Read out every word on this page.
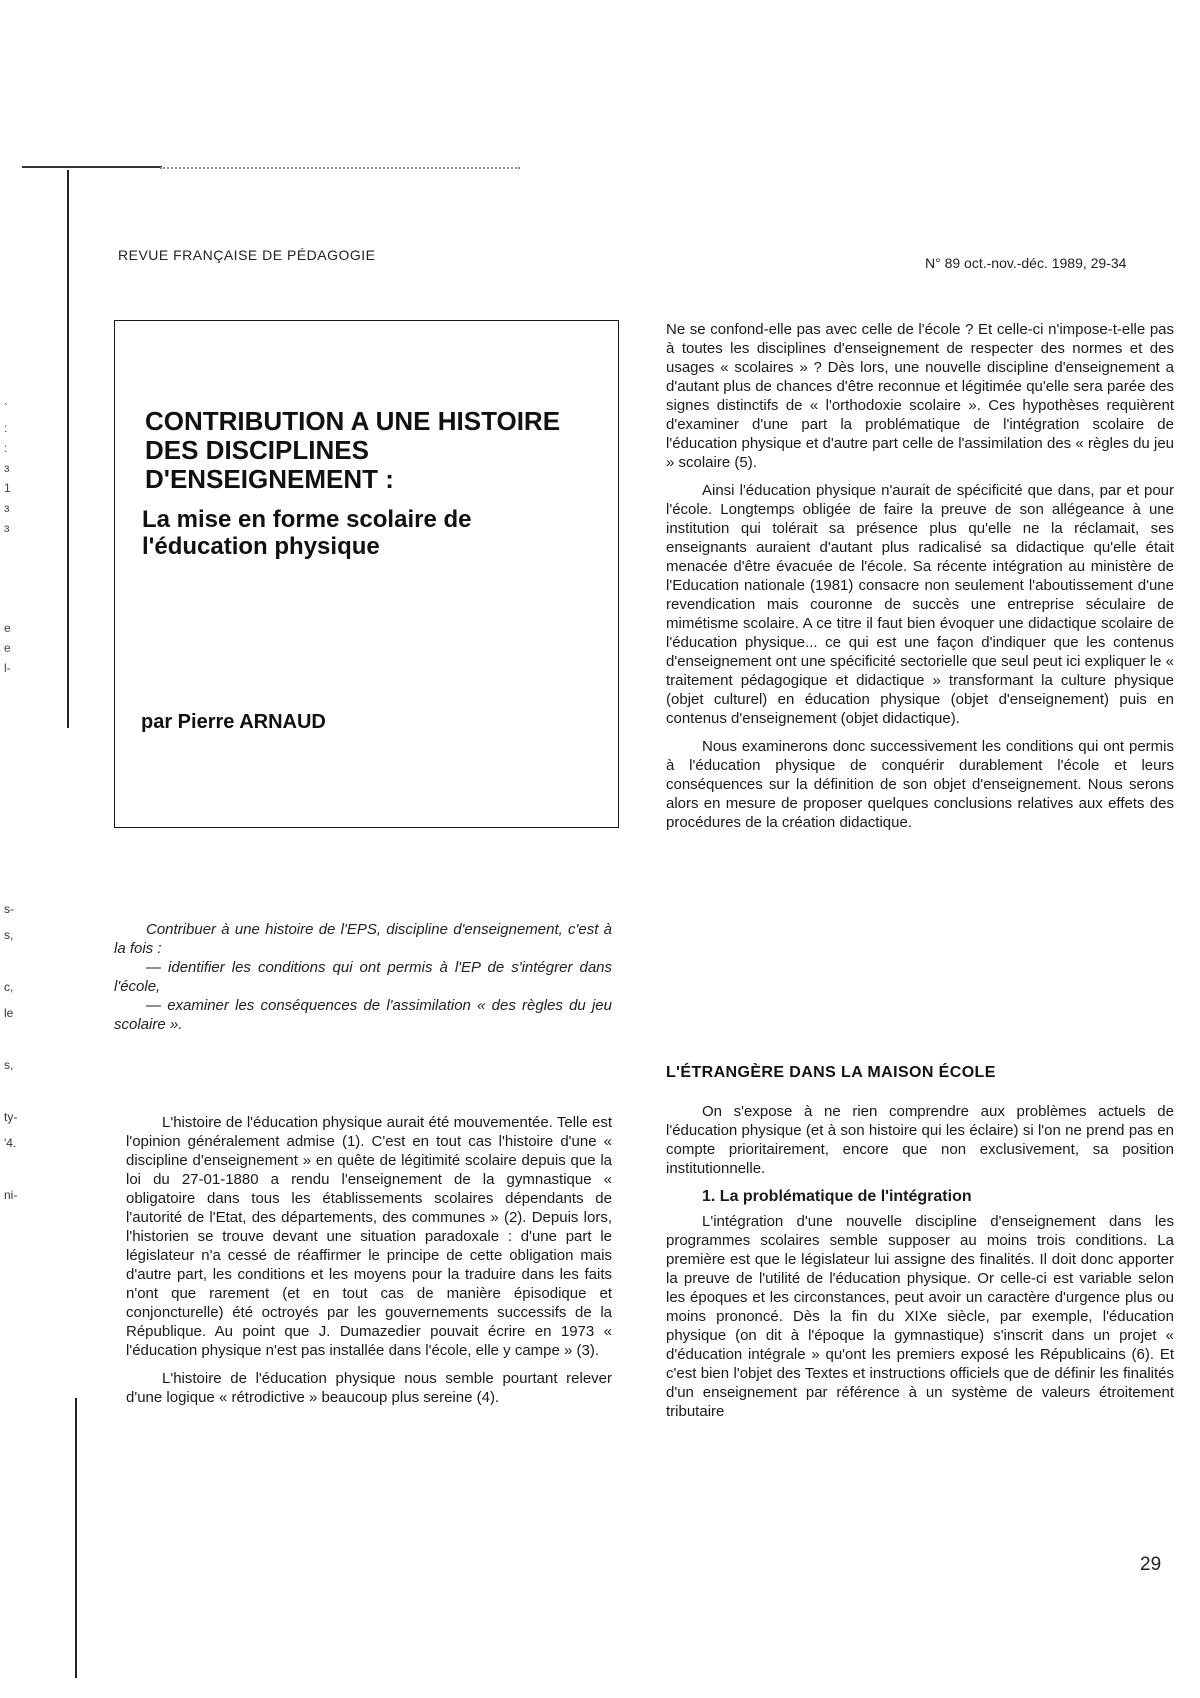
`
:
:
ɜ
1
ɜ
ɜ

e
e
l-
s-
s,

c,
le

s,

ty-
'4.

ni-
REVUE FRANÇAISE DE PÉDAGOGIE	N° 89 oct.-nov.-déc. 1989, 29-34
CONTRIBUTION A UNE HISTOIRE DES DISCIPLINES D'ENSEIGNEMENT :
La mise en forme scolaire de l'éducation physique
par Pierre ARNAUD

Contribuer à une histoire de l'EPS, discipline d'enseignement, c'est à la fois :

— identifier les conditions qui ont permis à l'EP de s'intégrer dans l'école,

— examiner les conséquences de l'assimilation « des règles du jeu scolaire ».

L'histoire de l'éducation physique aurait été mouvementée. Telle est l'opinion généralement admise (1). C'est en tout cas l'histoire d'une « discipline d'enseignement » en quête de légitimité scolaire depuis que la loi du 27-01-1880 a rendu l'enseignement de la gymnastique « obligatoire dans tous les établissements scolaires dépendants de l'autorité de l'Etat, des départements, des communes » (2). Depuis lors, l'historien se trouve devant une situation paradoxale : d'une part le législateur n'a cessé de réaffirmer le principe de cette obligation mais d'autre part, les conditions et les moyens pour la traduire dans les faits n'ont que rarement (et en tout cas de manière épisodique et conjoncturelle) été octroyés par les gouvernements successifs de la République. Au point que J. Dumazedier pouvait écrire en 1973 « l'éducation physique n'est pas installée dans l'école, elle y campe » (3).

L'histoire de l'éducation physique nous semble pourtant relever d'une logique « rétrodictive » beaucoup plus sereine (4).

Ne se confond-elle pas avec celle de l'école ? Et celle-ci n'impose-t-elle pas à toutes les disciplines d'enseignement de respecter des normes et des usages « scolaires » ? Dès lors, une nouvelle discipline d'enseignement a d'autant plus de chances d'être reconnue et légitimée qu'elle sera parée des signes distinctifs de « l'orthodoxie scolaire ». Ces hypothèses requièrent d'examiner d'une part la problématique de l'intégration scolaire de l'éducation physique et d'autre part celle de l'assimilation des « règles du jeu » scolaire (5).

Ainsi l'éducation physique n'aurait de spécificité que dans, par et pour l'école. Longtemps obligée de faire la preuve de son allégeance à une institution qui tolérait sa présence plus qu'elle ne la réclamait, ses enseignants auraient d'autant plus radicalisé sa didactique qu'elle était menacée d'être évacuée de l'école. Sa récente intégration au ministère de l'Education nationale (1981) consacre non seulement l'aboutissement d'une revendication mais couronne de succès une entreprise séculaire de mimétisme scolaire. A ce titre il faut bien évoquer une didactique scolaire de l'éducation physique... ce qui est une façon d'indiquer que les contenus d'enseignement ont une spécificité sectorielle que seul peut ici expliquer le « traitement pédagogique et didactique » transformant la culture physique (objet culturel) en éducation physique (objet d'enseignement) puis en contenus d'enseignement (objet didactique).

Nous examinerons donc successivement les conditions qui ont permis à l'éducation physique de conquérir durablement l'école et leurs conséquences sur la définition de son objet d'enseignement. Nous serons alors en mesure de proposer quelques conclusions relatives aux effets des procédures de la création didactique.

L'ÉTRANGÈRE DANS LA MAISON ÉCOLE

On s'expose à ne rien comprendre aux problèmes actuels de l'éducation physique (et à son histoire qui les éclaire) si l'on ne prend pas en compte prioritairement, encore que non exclusivement, sa position institutionnelle.

1. La problématique de l'intégration

L'intégration d'une nouvelle discipline d'enseignement dans les programmes scolaires semble supposer au moins trois conditions. La première est que le législateur lui assigne des finalités. Il doit donc apporter la preuve de l'utilité de l'éducation physique. Or celle-ci est variable selon les époques et les circonstances, peut avoir un caractère d'urgence plus ou moins prononcé. Dès la fin du XIXe siècle, par exemple, l'éducation physique (on dit à l'époque la gymnastique) s'inscrit dans un projet « d'éducation intégrale » qu'ont les premiers exposé les Républicains (6). Et c'est bien l'objet des Textes et instructions officiels que de définir les finalités d'un enseignement par référence à un système de valeurs étroitement tributaire

29
